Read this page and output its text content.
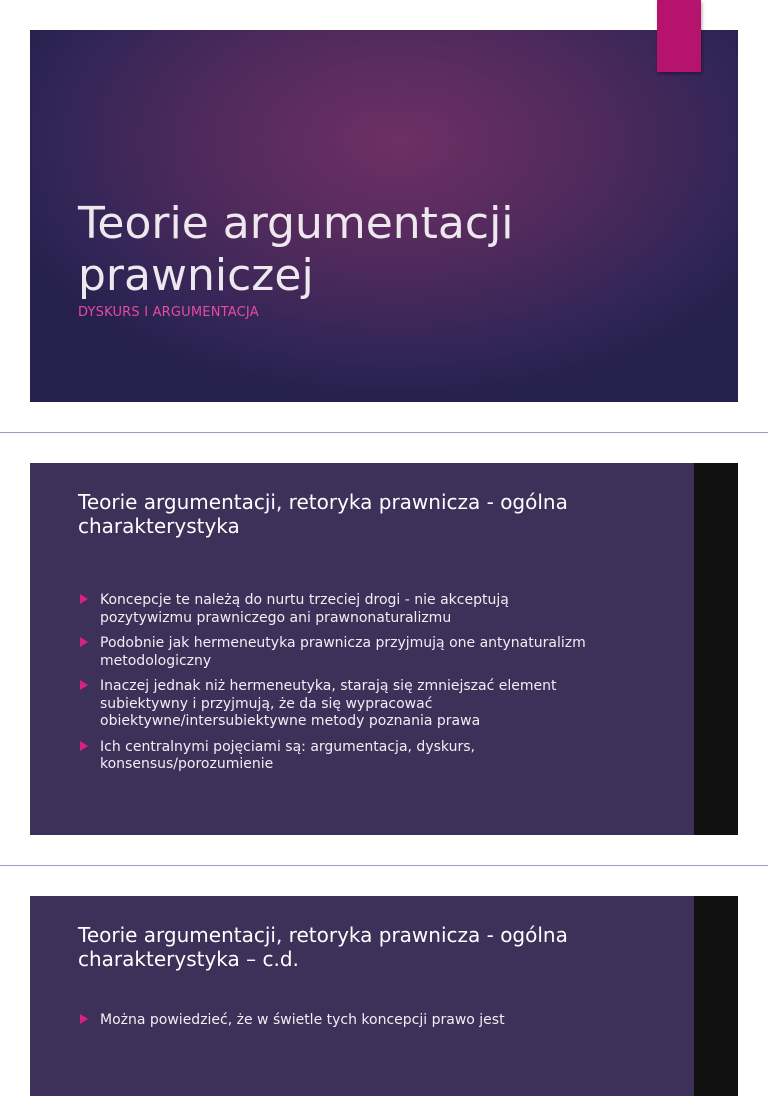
Teorie argumentacji prawniczej

DYSKURS I ARGUMENTACJA

Teorie argumentacji, retoryka prawnicza - ogólna charakterystyka
Koncepcje te należą do nurtu trzeciej drogi - nie akceptują pozytywizmu prawniczego ani prawnonaturalizmu
Podobnie jak hermeneutyka prawnicza przyjmują one antynaturalizm metodologiczny
Inaczej jednak niż hermeneutyka, starają się zmniejszać element subiektywny i przyjmują, że da się wypracować obiektywne/intersubiektywne metody poznania prawa
Ich centralnymi pojęciami są: argumentacja, dyskurs, konsensus/porozumienie
Teorie argumentacji, retoryka prawnicza - ogólna charakterystyka – c.d.
Można powiedzieć, że w świetle tych koncepcji prawo jest
